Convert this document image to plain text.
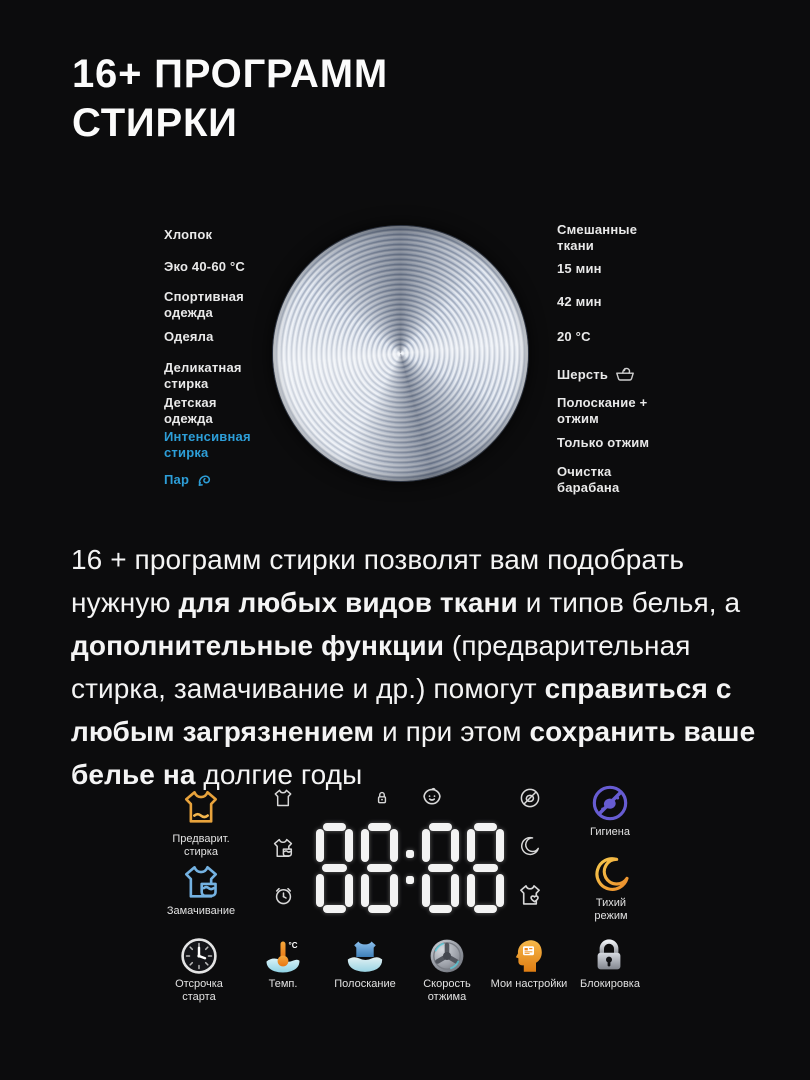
16+ ПРОГРАММ
СТИРКИ
Хлопок
Эко 40-60 °C
Спортивная одежда
Одеяла
Деликатная стирка
Детская одежда
Интенсивная стирка
Пар
Смешанные ткани
15 мин
42 мин
20 °C
Шерсть
Полоскание + отжим
Только отжим
Очистка барабана

16 + программ стирки позволят вам подобрать нужную для любых видов ткани и типов белья, а дополнительные функции (предварительная стирка, замачивание и др.) помогут справиться с любым загрязнением и при этом сохранить ваше белье на долгие годы

Предварит. стирка
Замачивание
Гигиена
Тихий режим
Отсрочка старта
°C
Темп.	Полоскание	Скорость отжима
Мои настройки	Блокировка
